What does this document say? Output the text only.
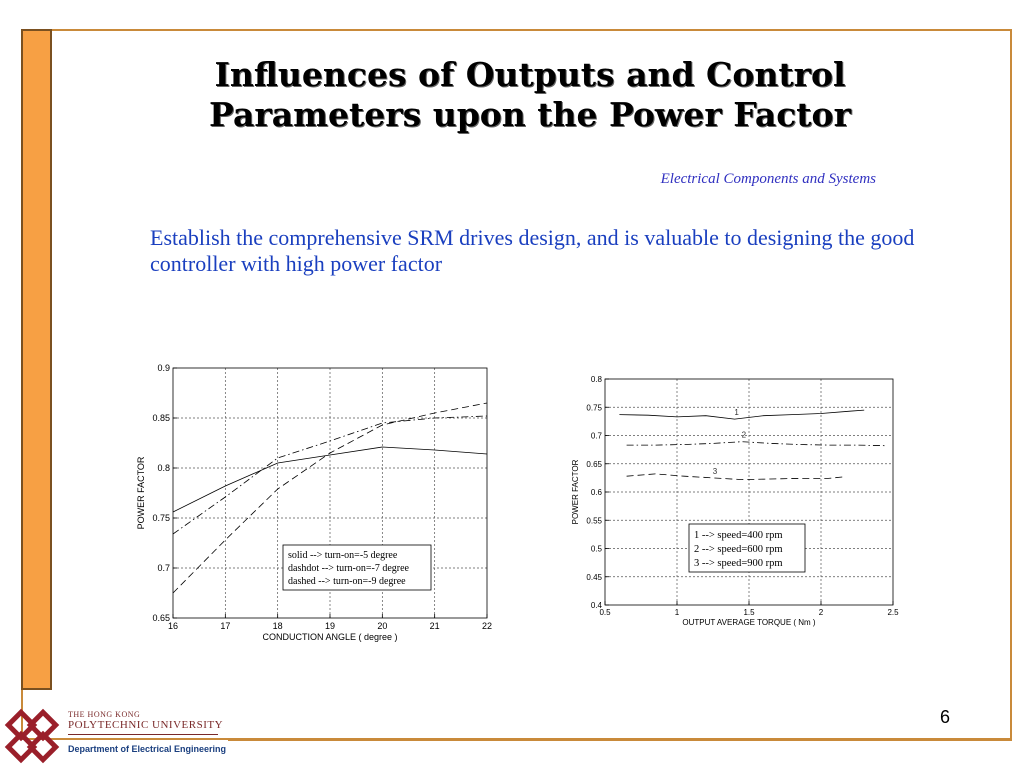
Influences of Outputs and Control
Parameters upon the Power Factor
Electrical Components and Systems
Establish the comprehensive SRM drives design, and is valuable to designing the good controller with high power factor
16	17	18	19	20	21	22
0.65
0.7
0.75
0.8
0.85
0.9
CONDUCTION ANGLE ( degree )
POWER FACTOR
solid --> turn-on=-5 degree
dashdot --> turn-on=-7 degree
dashed --> turn-on=-9 degree
0.5	1	1.5	2	2.5
0.4
0.45
0.5
0.55
0.6
0.65
0.7
0.75
0.8
OUTPUT AVERAGE TORQUE ( Nm )
POWER FACTOR
1
2
3
1 --> speed=400 rpm
2 --> speed=600 rpm
3 --> speed=900 rpm
6
THE HONG KONG
POLYTECHNIC UNIVERSITY
Department of Electrical Engineering
